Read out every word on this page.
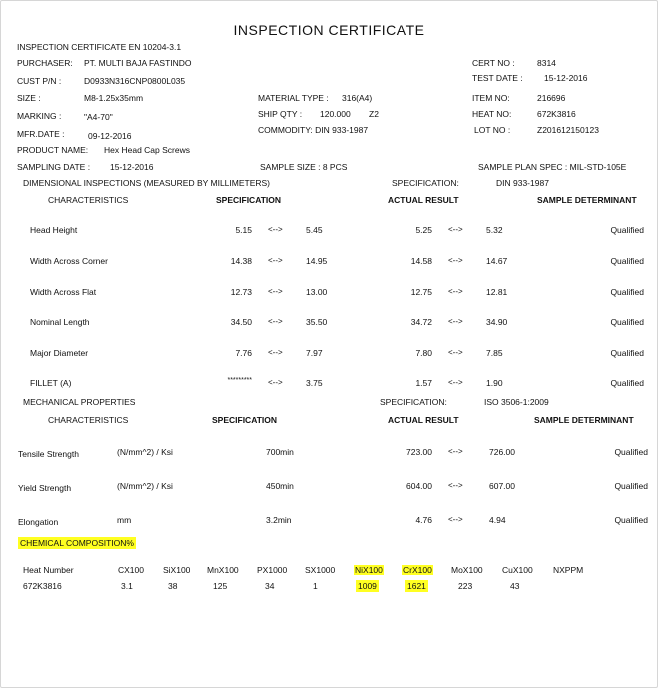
INSPECTION CERTIFICATE
INSPECTION CERTIFICATE EN 10204-3.1
PURCHASER: PT. MULTI BAJA FASTINDO
CUST P/N :	D0933N316CNP0800L035
SIZE :	M8-1.25x35mm
MARKING :	"A4-70"
MFR.DATE :	09-12-2016
PRODUCT NAME: Hex Head Cap Screws
SAMPLING DATE : 15-12-2016
MATERIAL TYPE : 316(A4)
SHIP QTY : 120.000 Z2
COMMODITY: DIN 933-1987
SAMPLE SIZE : 8 PCS
CERT NO :	8314
TEST DATE :	15-12-2016
ITEM NO:	216696
HEAT NO:	672K3816
LOT NO :	Z201612150123
SAMPLE PLAN SPEC : MIL-STD-105E
DIMENSIONAL INSPECTIONS (MEASURED BY MILLIMETERS)	SPECIFICATION:	DIN 933-1987
CHARACTERISTICS	SPECIFICATION	ACTUAL RESULT	SAMPLE DETERMINANT
Head Height	5.15 <-->	5.45	5.25 <-->	5.32	Qualified
Width Across Corner	14.38 <-->	14.95	14.58 <-->	14.67	Qualified
Width Across Flat	12.73 <-->	13.00	12.75 <-->	12.81	Qualified
Nominal Length	34.50 <-->	35.50	34.72 <-->	34.90	Qualified
Major Diameter	7.76 <-->	7.97	7.80 <-->	7.85	Qualified
FILLET (A)	********* <-->	3.75	1.57 <-->	1.90	Qualified
MECHANICAL PROPERTIES	SPECIFICATION:	ISO 3506-1:2009
CHARACTERISTICS	SPECIFICATION	ACTUAL RESULT	SAMPLE DETERMINANT
Tensile Strength	(N/mm^2) / Ksi	700min	723.00 <-->	726.00	Qualified
Yield Strength	(N/mm^2) / Ksi	450min	604.00 <-->	607.00	Qualified
Elongation	mm	3.2min	4.76 <-->	4.94	Qualified
CHEMICAL COMPOSITION%
Heat Number	CX100 SiX100 MnX100 PX1000 SX1000 NiX100 CrX100 MoX100 CuX100 NXPPM
672K3816	3.1	38	125	34	1	1009	1621	223	43
